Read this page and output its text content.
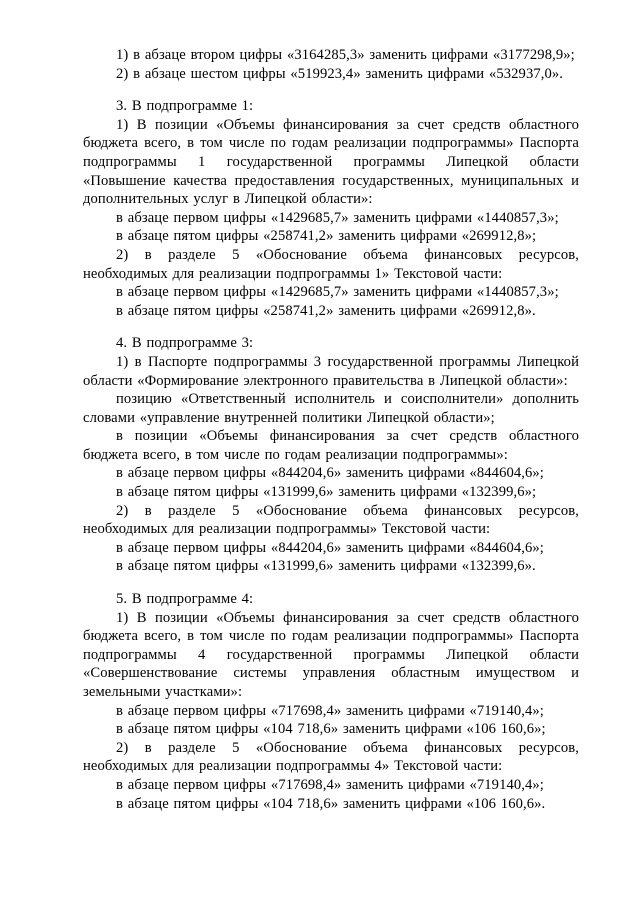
1) в абзаце втором цифры «3164285,3» заменить цифрами «3177298,9»;

2) в абзаце шестом цифры «519923,4» заменить цифрами «532937,0».

3. В подпрограмме 1:

1) В позиции «Объемы финансирования за счет средств областного бюджета всего, в том числе по годам реализации подпрограммы» Паспорта подпрограммы 1 государственной программы Липецкой области «Повышение качества предоставления государственных, муниципальных и дополнительных услуг в Липецкой области»:

в абзаце первом цифры «1429685,7» заменить цифрами «1440857,3»;

в абзаце пятом цифры «258741,2» заменить цифрами «269912,8»;

2) в разделе 5 «Обоснование объема финансовых ресурсов, необходимых для реализации подпрограммы 1» Текстовой части:

в абзаце первом цифры «1429685,7» заменить цифрами «1440857,3»;

в абзаце пятом цифры «258741,2» заменить цифрами «269912,8».

4. В подпрограмме 3:

1) в Паспорте подпрограммы 3 государственной программы Липецкой области «Формирование электронного правительства в Липецкой области»:

позицию «Ответственный исполнитель и соисполнители» дополнить словами «управление внутренней политики Липецкой области»;

в позиции «Объемы финансирования за счет средств областного бюджета всего, в том числе по годам реализации подпрограммы»:

в абзаце первом цифры «844204,6» заменить цифрами «844604,6»;

в абзаце пятом цифры «131999,6» заменить цифрами «132399,6»;

2) в разделе 5 «Обоснование объема финансовых ресурсов, необходимых для реализации подпрограммы» Текстовой части:

в абзаце первом цифры «844204,6» заменить цифрами «844604,6»;

в абзаце пятом цифры «131999,6» заменить цифрами «132399,6».

5. В подпрограмме 4:

1) В позиции «Объемы финансирования за счет средств областного бюджета всего, в том числе по годам реализации подпрограммы» Паспорта подпрограммы 4 государственной программы Липецкой области «Совершенствование системы управления областным имуществом и земельными участками»:

в абзаце первом цифры «717698,4» заменить цифрами «719140,4»;

в абзаце пятом цифры «104 718,6» заменить цифрами «106 160,6»;

2) в разделе 5 «Обоснование объема финансовых ресурсов, необходимых для реализации подпрограммы 4» Текстовой части:

в абзаце первом цифры «717698,4» заменить цифрами «719140,4»;

в абзаце пятом цифры «104 718,6» заменить цифрами «106 160,6».
